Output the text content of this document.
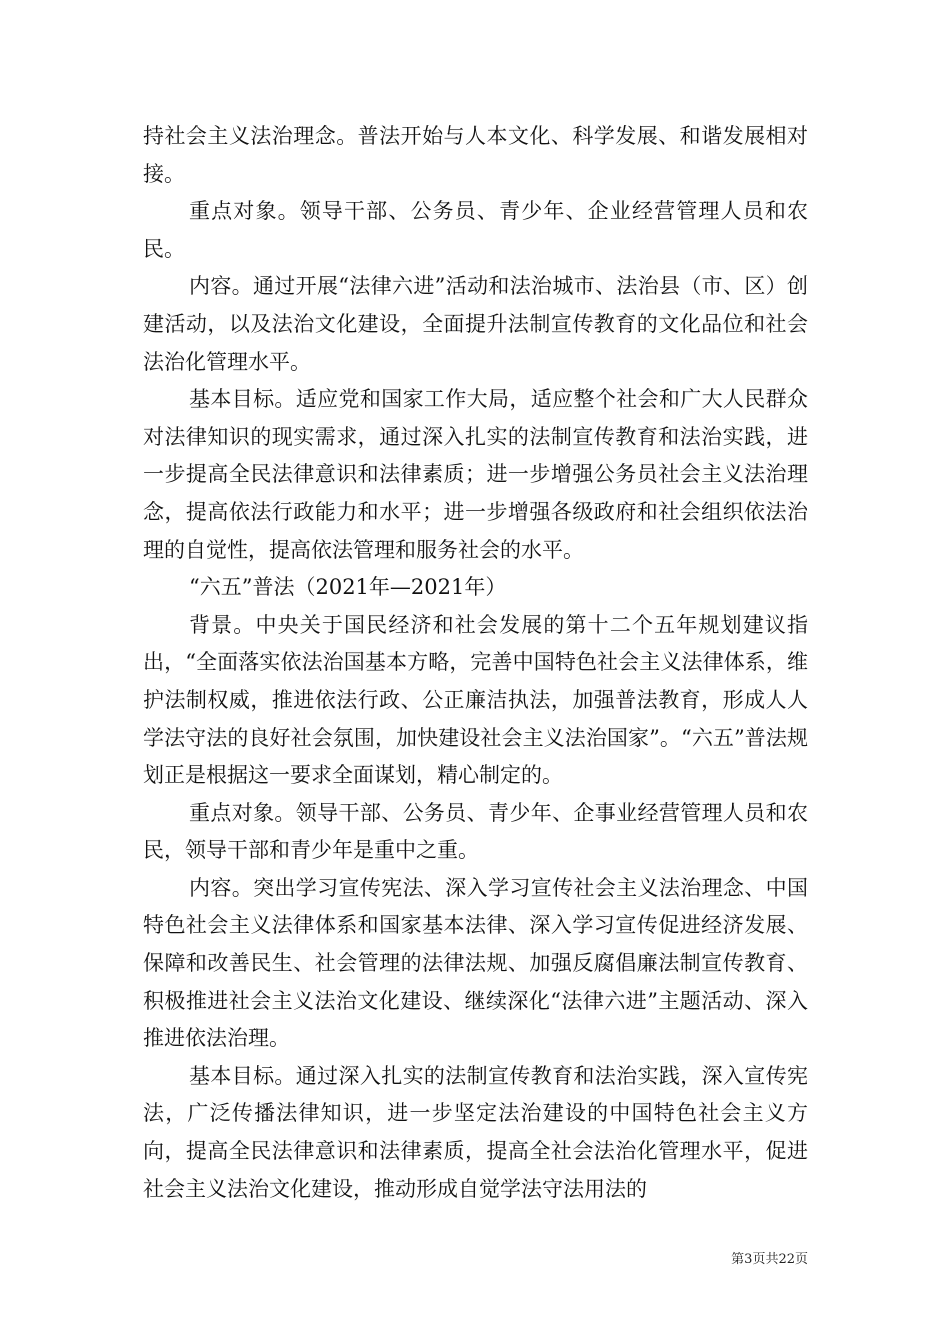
持社会主义法治理念。普法开始与人本文化、科学发展、和谐发展相对接。

重点对象。领导干部、公务员、青少年、企业经营管理人员和农民。

内容。通过开展“法律六进”活动和法治城市、法治县（市、区）创建活动，以及法治文化建设，全面提升法制宣传教育的文化品位和社会法治化管理水平。

基本目标。适应党和国家工作大局，适应整个社会和广大人民群众对法律知识的现实需求，通过深入扎实的法制宣传教育和法治实践，进一步提高全民法律意识和法律素质；进一步增强公务员社会主义法治理念，提高依法行政能力和水平；进一步增强各级政府和社会组织依法治理的自觉性，提高依法管理和服务社会的水平。

“六五”普法（2021年—2021年）

背景。中央关于国民经济和社会发展的第十二个五年规划建议指出，“全面落实依法治国基本方略，完善中国特色社会主义法律体系，维护法制权威，推进依法行政、公正廉洁执法，加强普法教育，形成人人学法守法的良好社会氛围，加快建设社会主义法治国家”。“六五”普法规划正是根据这一要求全面谋划，精心制定的。

重点对象。领导干部、公务员、青少年、企事业经营管理人员和农民，领导干部和青少年是重中之重。

内容。突出学习宣传宪法、深入学习宣传社会主义法治理念、中国特色社会主义法律体系和国家基本法律、深入学习宣传促进经济发展、保障和改善民生、社会管理的法律法规、加强反腐倡廉法制宣传教育、积极推进社会主义法治文化建设、继续深化“法律六进”主题活动、深入推进依法治理。

基本目标。通过深入扎实的法制宣传教育和法治实践，深入宣传宪法，广泛传播法律知识，进一步坚定法治建设的中国特色社会主义方向，提高全民法律意识和法律素质，提高全社会法治化管理水平，促进社会主义法治文化建设，推动形成自觉学法守法用法的

第3页共22页
